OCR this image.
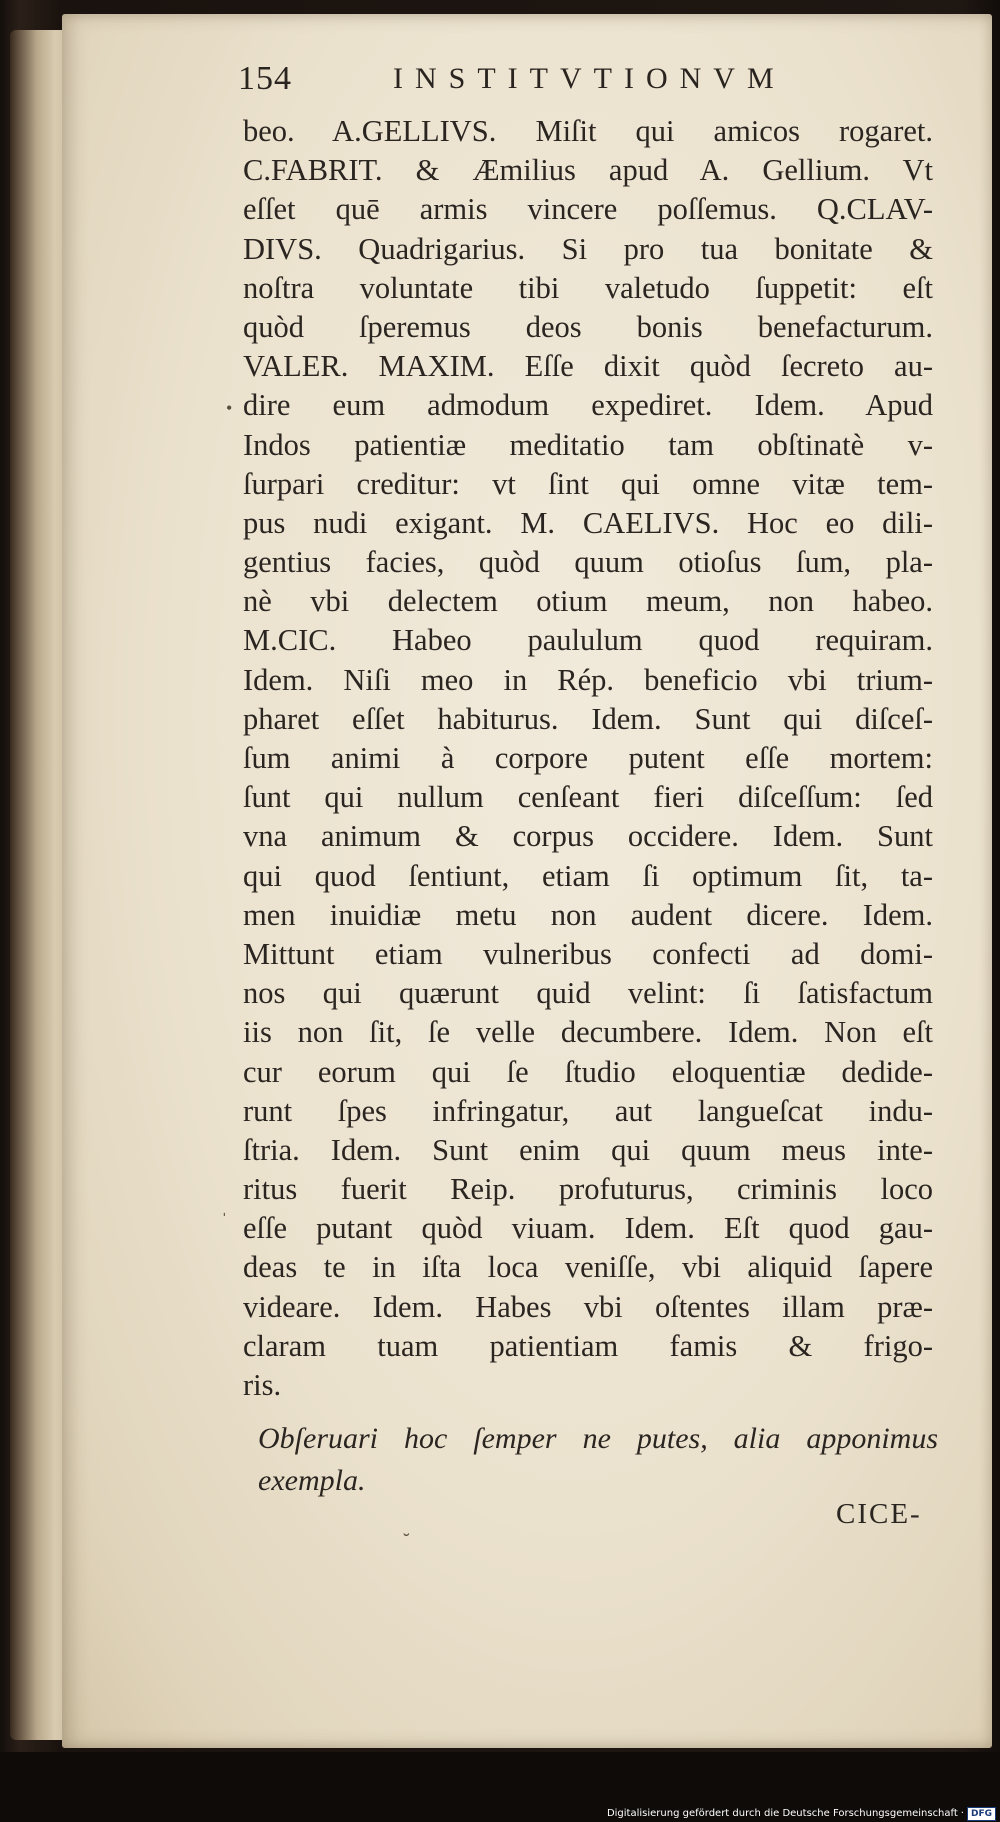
154	INSTITVTIONVM
beo. A.GELLIVS. Miſit qui amicos rogaret.
C.FABRIT. & Æmilius apud A. Gellium. Vt
eſſet quē armis vincere poſſemus. Q.CLAV-
DIVS. Quadrigarius. Si pro tua bonitate &
noſtra voluntate tibi valetudo ſuppetit: eſt
quòd ſperemus deos bonis benefacturum.
VALER. MAXIM. Eſſe dixit quòd ſecreto au-
dire eum admodum expediret. Idem. Apud
Indos patientiæ meditatio tam obſtinatè v-
ſurpari creditur: vt ſint qui omne vitæ tem-
pus nudi exigant. M. CAELIVS. Hoc eo dili-
gentius facies, quòd quum otioſus ſum, pla-
nè vbi delectem otium meum, non habeo.
M.CIC. Habeo paululum quod requiram.
Idem. Niſi meo in Rép. beneficio vbi trium-
pharet eſſet habiturus. Idem. Sunt qui diſceſ-
ſum animi à corpore putent eſſe mortem:
ſunt qui nullum cenſeant fieri diſceſſum: ſed
vna animum & corpus occidere. Idem. Sunt
qui quod ſentiunt, etiam ſi optimum ſit, ta-
men inuidiæ metu non audent dicere. Idem.
Mittunt etiam vulneribus confecti ad domi-
nos qui quærunt quid velint: ſi ſatisfactum
iis non ſit, ſe velle decumbere. Idem. Non eſt
cur eorum qui ſe ſtudio eloquentiæ dedide-
runt ſpes infringatur, aut langueſcat indu-
ſtria. Idem. Sunt enim qui quum meus inte-
ritus fuerit Reip. profuturus, criminis loco
eſſe putant quòd viuam. Idem. Eſt quod gau-
deas te in iſta loca veniſſe, vbi aliquid ſapere
videare. Idem. Habes vbi oſtentes illam præ-
claram tuam patientiam famis & frigo-
ris.
Obſeruari hoc ſemper ne putes, alia apponimus
exempla.
CICE-
•
ˈ
˘
Digitalisierung gefördert durch die Deutsche Forschungsgemeinschaft · DFG
